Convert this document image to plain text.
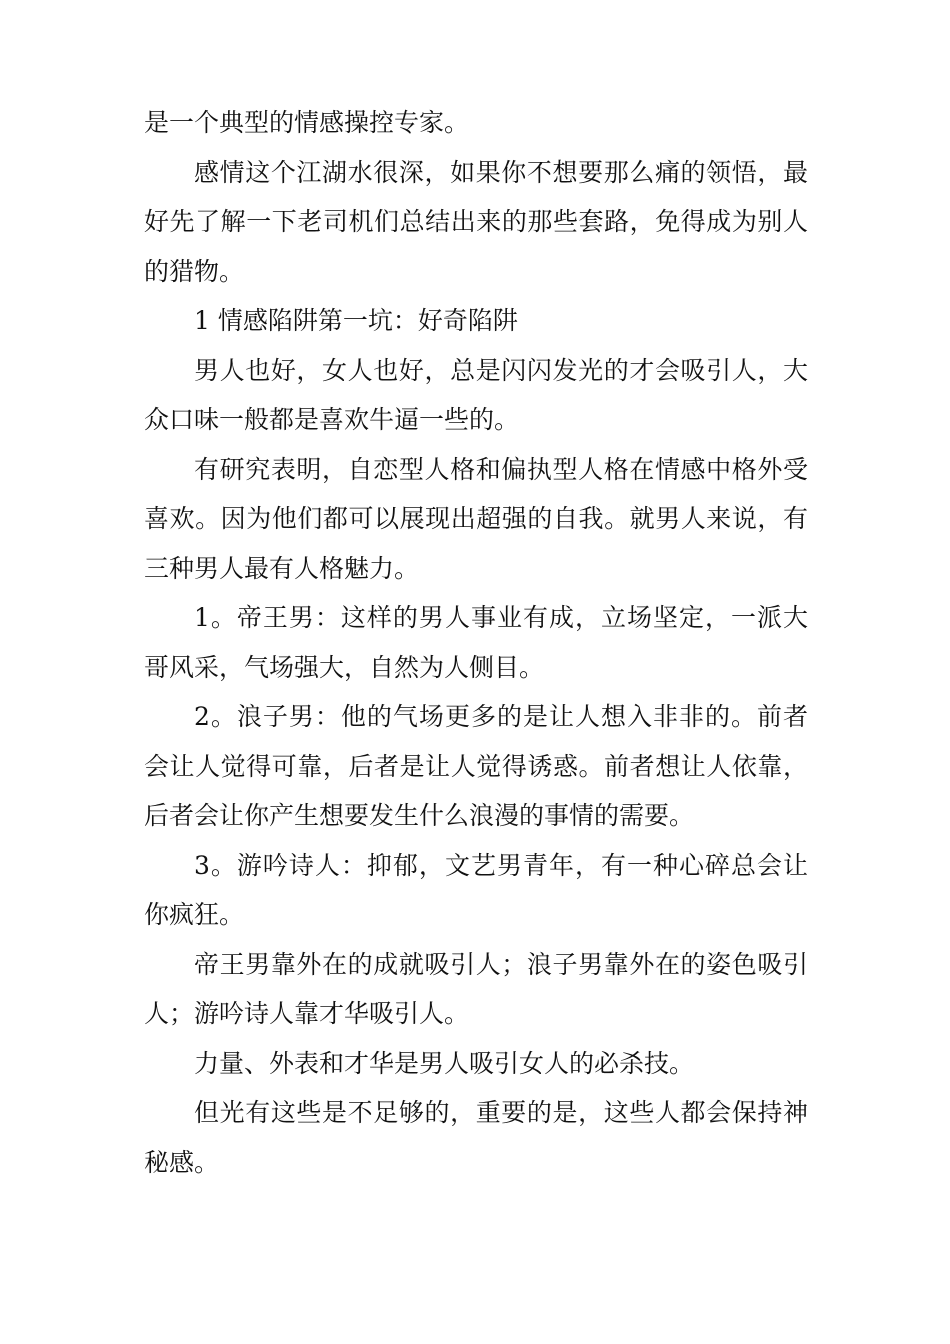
是一个典型的情感操控专家。

感情这个江湖水很深，如果你不想要那么痛的领悟，最好先了解一下老司机们总结出来的那些套路，免得成为别人的猎物。

1 情感陷阱第一坑：好奇陷阱

男人也好，女人也好，总是闪闪发光的才会吸引人，大众口味一般都是喜欢牛逼一些的。

有研究表明，自恋型人格和偏执型人格在情感中格外受喜欢。因为他们都可以展现出超强的自我。就男人来说，有三种男人最有人格魅力。

1。帝王男：这样的男人事业有成，立场坚定，一派大哥风采，气场强大，自然为人侧目。

2。浪子男：他的气场更多的是让人想入非非的。前者会让人觉得可靠，后者是让人觉得诱惑。前者想让人依靠，后者会让你产生想要发生什么浪漫的事情的需要。

3。游吟诗人：抑郁，文艺男青年，有一种心碎总会让你疯狂。

帝王男靠外在的成就吸引人；浪子男靠外在的姿色吸引人；游吟诗人靠才华吸引人。

力量、外表和才华是男人吸引女人的必杀技。

但光有这些是不足够的，重要的是，这些人都会保持神秘感。
